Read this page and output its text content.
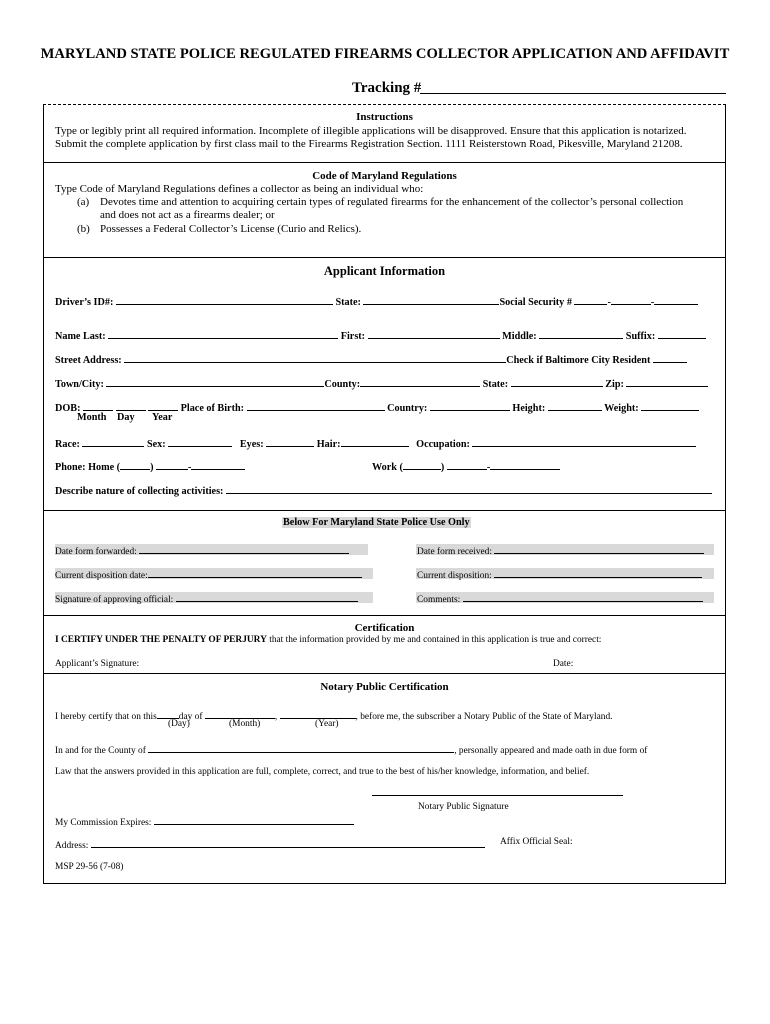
MARYLAND STATE POLICE REGULATED FIREARMS COLLECTOR APPLICATION AND AFFIDAVIT
Tracking #
Instructions
Type or legibly print all required information. Incomplete of illegible applications will be disapproved. Ensure that this application is notarized.
Submit the complete application by first class mail to the Firearms Registration Section. 1111 Reisterstown Road, Pikesville, Maryland 21208.
Code of Maryland Regulations
Type Code of Maryland Regulations defines a collector as being an individual who:
(a) Devotes time and attention to acquiring certain types of regulated firearms for the enhancement of the collector’s personal collection
and does not act as a firearms dealer; or
(b) Possesses a Federal Collector’s License (Curio and Relics).
Applicant Information
Driver’s ID#:	State:	Social Security #	-	-
Name Last:	First:	Middle:	Suffix:
Street Address:	Check if Baltimore City Resident
Town/City:	County:	State:	Zip:
DOB:	Place of Birth:	Country:	Height:	Weight:
Month Day Year
Race:	Sex:	Eyes:	Hair:	Occupation:
Phone: Home (	)	-	Work (	)	-
Describe nature of collecting activities:
Below For Maryland State Police Use Only
Date form forwarded:	Date form received:
Current disposition date:	Current disposition:
Signature of approving official:	Comments:
Certification
I CERTIFY UNDER THE PENALTY OF PERJURY that the information provided by me and contained in this application is true and correct:
Applicant’s Signature:	Date:
Notary Public Certification
I hereby certify that on this day of	,	, before me, the subscriber a Notary Public of the State of Maryland.
(Day)	(Month)	(Year)
In and for the County of	, personally appeared and made oath in due form of
Law that the answers provided in this application are full, complete, correct, and true to the best of his/her knowledge, information, and belief.
Notary Public Signature
My Commission Expires:
Address:	Affix Official Seal:
MSP 29-56 (7-08)
